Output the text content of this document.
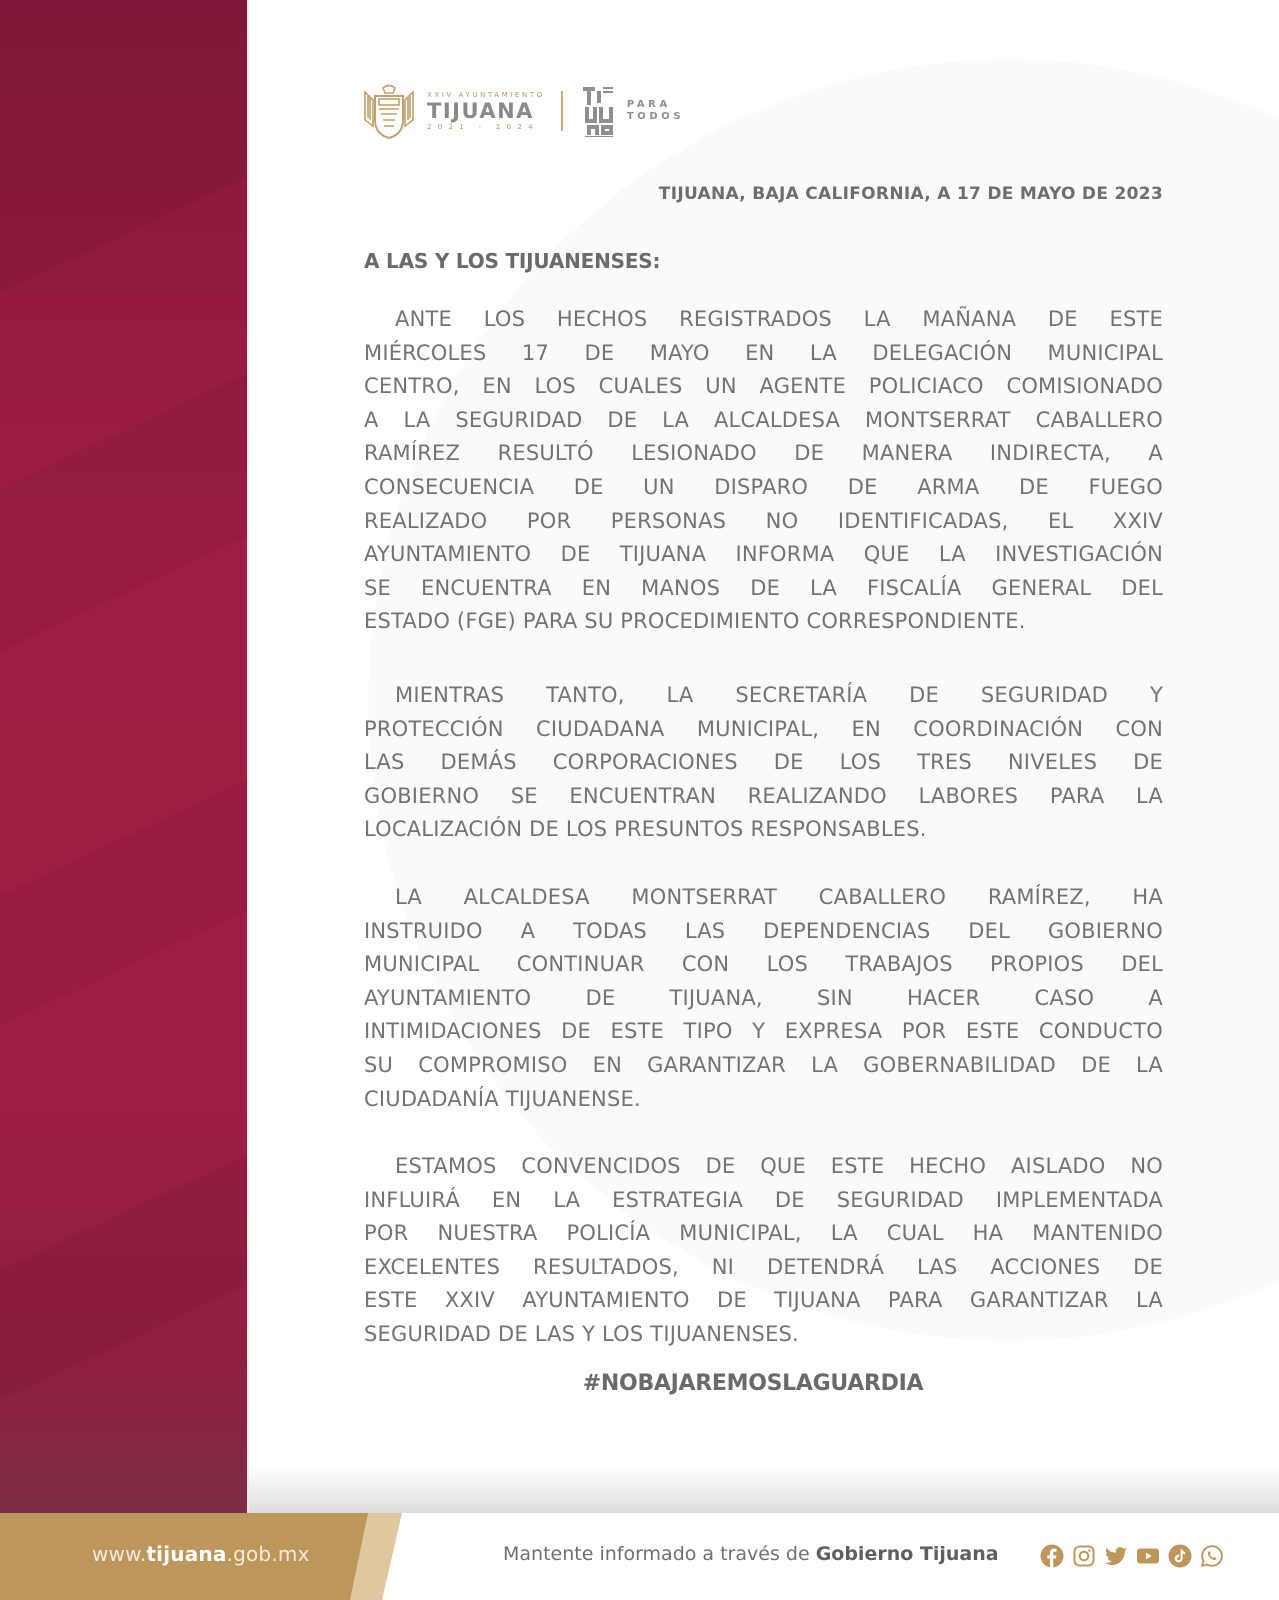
XXIV AYUNTAMIENTO
TIJUANA
2021 - 2024
PARA
TODOS
TIJUANA, BAJA CALIFORNIA, A 17 DE MAYO DE 2023
A LAS Y LOS TIJUANENSES:
ANTE LOS HECHOS REGISTRADOS LA MAÑANA DE ESTE
MIÉRCOLES 17 DE MAYO EN LA DELEGACIÓN MUNICIPAL
CENTRO, EN LOS CUALES UN AGENTE POLICIACO COMISIONADO
A LA SEGURIDAD DE LA ALCALDESA MONTSERRAT CABALLERO
RAMÍREZ RESULTÓ LESIONADO DE MANERA INDIRECTA, A
CONSECUENCIA DE UN DISPARO DE ARMA DE FUEGO
REALIZADO POR PERSONAS NO IDENTIFICADAS, EL XXIV
AYUNTAMIENTO DE TIJUANA INFORMA QUE LA INVESTIGACIÓN
SE ENCUENTRA EN MANOS DE LA FISCALÍA GENERAL DEL
ESTADO (FGE) PARA SU PROCEDIMIENTO CORRESPONDIENTE.
MIENTRAS TANTO, LA SECRETARÍA DE SEGURIDAD Y
PROTECCIÓN CIUDADANA MUNICIPAL, EN COORDINACIÓN CON
LAS DEMÁS CORPORACIONES DE LOS TRES NIVELES DE
GOBIERNO SE ENCUENTRAN REALIZANDO LABORES PARA LA
LOCALIZACIÓN DE LOS PRESUNTOS RESPONSABLES.
LA ALCALDESA MONTSERRAT CABALLERO RAMÍREZ, HA
INSTRUIDO A TODAS LAS DEPENDENCIAS DEL GOBIERNO
MUNICIPAL CONTINUAR CON LOS TRABAJOS PROPIOS DEL
AYUNTAMIENTO DE TIJUANA, SIN HACER CASO A
INTIMIDACIONES DE ESTE TIPO Y EXPRESA POR ESTE CONDUCTO
SU COMPROMISO EN GARANTIZAR LA GOBERNABILIDAD DE LA
CIUDADANÍA TIJUANENSE.
ESTAMOS CONVENCIDOS DE QUE ESTE HECHO AISLADO NO
INFLUIRÁ EN LA ESTRATEGIA DE SEGURIDAD IMPLEMENTADA
POR NUESTRA POLICÍA MUNICIPAL, LA CUAL HA MANTENIDO
EXCELENTES RESULTADOS, NI DETENDRÁ LAS ACCIONES DE
ESTE XXIV AYUNTAMIENTO DE TIJUANA PARA GARANTIZAR LA
SEGURIDAD DE LAS Y LOS TIJUANENSES.
#NOBAJAREMOSLAGUARDIA
www.tijuana.gob.mx	Mantente informado a través de Gobierno Tijuana
